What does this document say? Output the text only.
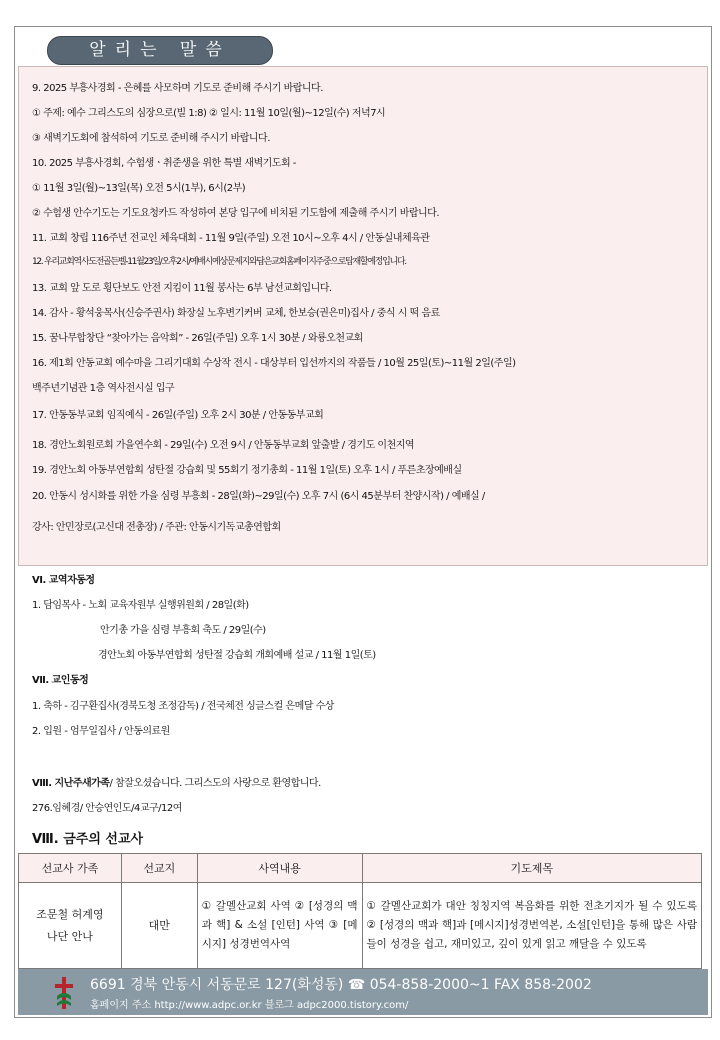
알리는 말씀
9. 2025 부흥사경회 - 은혜를 사모하며 기도로 준비해 주시기 바랍니다.
① 주제: 예수 그리스도의 심장으로(빌 1:8) ② 일시: 11월 10일(월)~12일(수) 저녁7시
③ 새벽기도회에 참석하여 기도로 준비해 주시기 바랍니다.
10. 2025 부흥사경회, 수험생ㆍ취준생을 위한 특별 새벽기도회 -
① 11월 3일(월)~13일(목) 오전 5시(1부), 6시(2부)
② 수험생 안수기도는 기도요청카드 작성하여 본당 입구에 비치된 기도함에 제출해 주시기 바랍니다.
11. 교회 창립 116주년 전교인 체육대회 - 11월 9일(주일) 오전 10시~오후 4시 / 안동실내체육관
12. 우리교회역사도전골든벨-11월23일/오후2시/예배시예상문제지와답은교회홈페이지주중으로탑재할예정입니다.
13. 교회 앞 도로 횡단보도 안전 지킴이 11월 봉사는 6부 남선교회입니다.
14. 감사 - 황석웅목사(신승주권사) 화장실 노후변기커버 교체, 한보승(권은미)집사 / 중식 시 떡 음료
15. 꿈나무합창단 “찾아가는 음악회” - 26일(주일) 오후 1시 30분 / 와룡오천교회
16. 제1회 안동교회 예수마을 그리기대회 수상작 전시 - 대상부터 입선까지의 작품들 / 10월 25일(토)~11월 2일(주일)
백주년기념관 1층 역사전시실 입구
17. 안동동부교회 임직예식 - 26일(주일) 오후 2시 30분 / 안동동부교회
18. 경안노회원로회 가을연수회 - 29일(수) 오전 9시 / 안동동부교회 앞출발 / 경기도 이천지역
19. 경안노회 아동부연합회 성탄절 강습회 및 55회기 정기총회 - 11월 1일(토) 오후 1시 / 푸른초장예배실
20. 안동시 성시화를 위한 가을 심령 부흥회 - 28일(화)~29일(수) 오후 7시 (6시 45분부터 찬양시작) / 예배실 /
강사: 안민장로(고신대 전총장) / 주관: 안동시기독교총연합회
Ⅵ. 교역자동정
1. 담임목사 - 노회 교육자원부 실행위원회 / 28일(화)
안기총 가을 심령 부흥회 축도 / 29일(수)
경안노회 아동부연합회 성탄절 강습회 개회예배 설교 / 11월 1일(토)
Ⅶ. 교인동정
1. 축하 - 김구환집사(경북도청 조정감독) / 전국체전 싱글스컬 은메달 수상
2. 입원 - 엄무일집사 / 안동의료원
Ⅷ. 지난주새가족/ 참잘오셨습니다. 그리스도의 사랑으로 환영합니다.
276.임혜경/ 안승연인도/4교구/12여
Ⅷ. 금주의 선교사
선교사 가족	선교지	사역내용	기도제목

조문철 허계영
나단 안나	대만	① 갈멜산교회 사역 ② [성경의 맥과 핵] & 소설 [인턴] 사역 ③ [메시지] 성경번역사역	① 갈멜산교회가 대안 칭칭지역 복음화를 위한 전초기지가 될 수 있도록 ② [성경의 맥과 핵]과 [메시지]성경번역본, 소설[인턴]을 통해 많은 사람들이 성경을 쉽고, 재미있고, 깊이 있게 읽고 깨달을 수 있도록
6691 경북 안동시 서동문로 127(화성동) ☎ 054-858-2000~1 FAX 858-2002
홈페이지 주소 http://www.adpc.or.kr 블로그 adpc2000.tistory.com/
